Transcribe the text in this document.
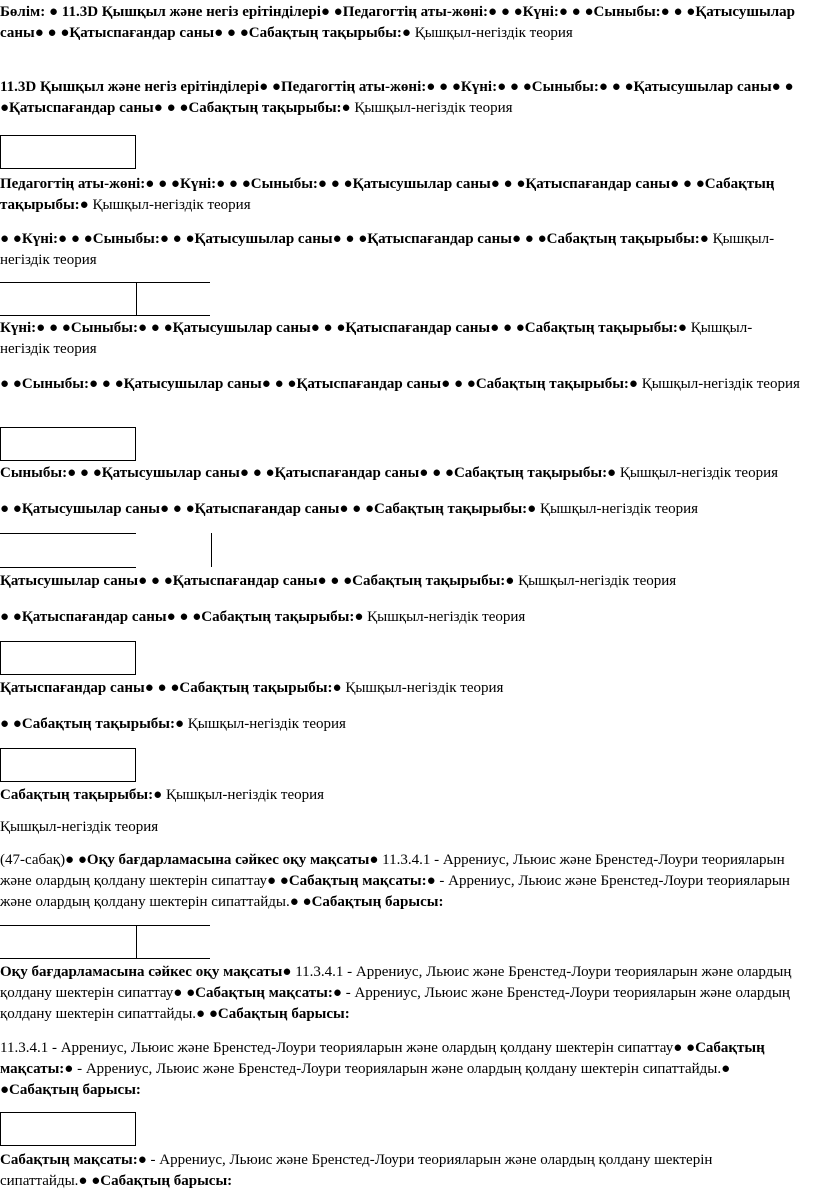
Бөлім: ● 11.3D Қышқыл және негіз ерітінділері● ●Педагогтің аты-жөні:● ● ●Күні:● ● ●Сыныбы:● ● ●Қатысушылар саны● ● ●Қатыспағандар саны● ● ●Сабақтың тақырыбы:● Қышқыл-негіздік теория

11.3D Қышқыл және негіз ерітінділері● ●Педагогтің аты-жөні:● ● ●Күні:● ● ●Сыныбы:● ● ●Қатысушылар саны● ● ●Қатыспағандар саны● ● ●Сабақтың тақырыбы:● Қышқыл-негіздік теория

Педагогтің аты-жөні:● ● ●Күні:● ● ●Сыныбы:● ● ●Қатысушылар саны● ● ●Қатыспағандар саны● ● ●Сабақтың тақырыбы:● Қышқыл-негіздік теория

● ●Күні:● ● ●Сыныбы:● ● ●Қатысушылар саны● ● ●Қатыспағандар саны● ● ●Сабақтың тақырыбы:● Қышқыл-негіздік теория

Күні:● ● ●Сыныбы:● ● ●Қатысушылар саны● ● ●Қатыспағандар саны● ● ●Сабақтың тақырыбы:● Қышқыл-негіздік теория

● ●Сыныбы:● ● ●Қатысушылар саны● ● ●Қатыспағандар саны● ● ●Сабақтың тақырыбы:● Қышқыл-негіздік теория

Сыныбы:● ● ●Қатысушылар саны● ● ●Қатыспағандар саны● ● ●Сабақтың тақырыбы:● Қышқыл-негіздік теория

● ●Қатысушылар саны● ● ●Қатыспағандар саны● ● ●Сабақтың тақырыбы:● Қышқыл-негіздік теория

Қатысушылар саны● ● ●Қатыспағандар саны● ● ●Сабақтың тақырыбы:● Қышқыл-негіздік теория

● ●Қатыспағандар саны● ● ●Сабақтың тақырыбы:● Қышқыл-негіздік теория

Қатыспағандар саны● ● ●Сабақтың тақырыбы:● Қышқыл-негіздік теория

● ●Сабақтың тақырыбы:● Қышқыл-негіздік теория

Сабақтың тақырыбы:● Қышқыл-негіздік теория

Қышқыл-негіздік теория

(47-сабақ)● ●Оқу бағдарламасына сәйкес оқу мақсаты● 11.3.4.1 - Аррениус, Льюис және Бренстед-Лоури теорияларын және олардың қолдану шектерін сипаттау● ●Сабақтың мақсаты:● - Аррениус, Льюис және Бренстед-Лоури теорияларын және олардың қолдану шектерін сипаттайды.● ●Сабақтың барысы:

Оқу бағдарламасына сәйкес оқу мақсаты● 11.3.4.1 - Аррениус, Льюис және Бренстед-Лоури теорияларын және олардың қолдану шектерін сипаттау● ●Сабақтың мақсаты:● - Аррениус, Льюис және Бренстед-Лоури теорияларын және олардың қолдану шектерін сипаттайды.● ●Сабақтың барысы:

11.3.4.1 - Аррениус, Льюис және Бренстед-Лоури теорияларын және олардың қолдану шектерін сипаттау● ●Сабақтың мақсаты:● - Аррениус, Льюис және Бренстед-Лоури теорияларын және олардың қолдану шектерін сипаттайды.● ●Сабақтың барысы:

Сабақтың мақсаты:● - Аррениус, Льюис және Бренстед-Лоури теорияларын және олардың қолдану шектерін сипаттайды.● ●Сабақтың барысы:
